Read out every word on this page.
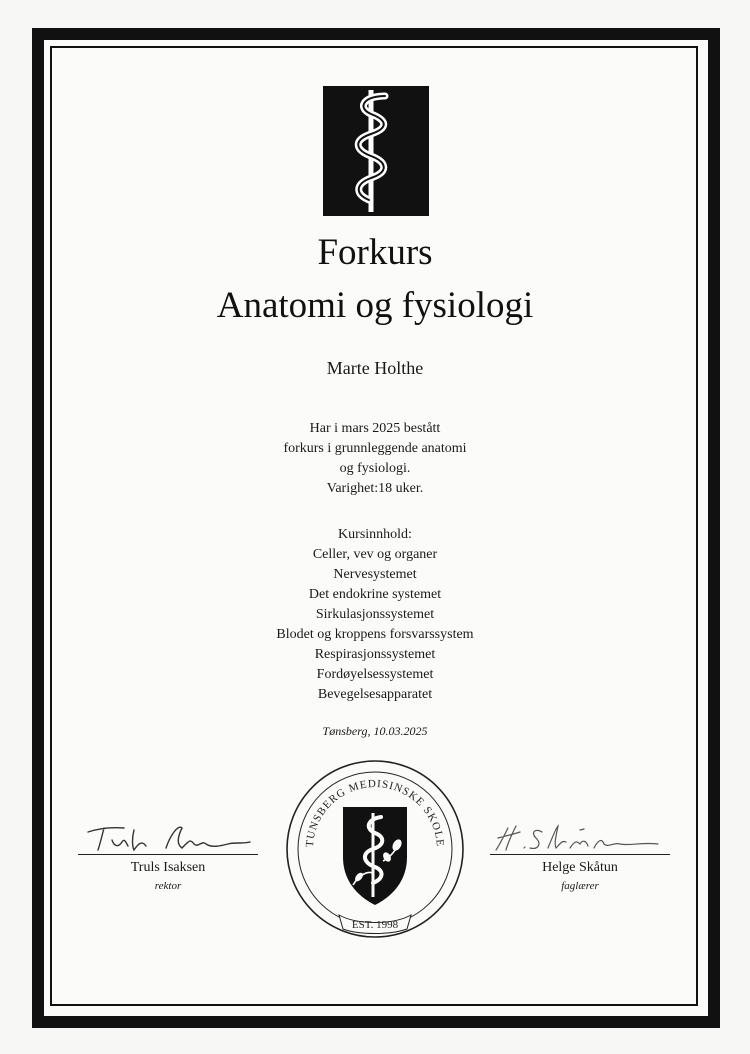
Forkurs
Anatomi og fysiologi
Marte Holthe
Har i mars 2025 bestått
forkurs i grunnleggende anatomi
og fysiologi.
Varighet:18 uker.
Kursinnhold:
Celler, vev og organer
Nervesystemet
Det endokrine systemet
Sirkulasjonssystemet
Blodet og kroppens forsvarssystem
Respirasjonssystemet
Fordøyelsessystemet
Bevegelsesapparatet
Tønsberg, 10.03.2025
Truls Isaksen
rektor
Helge Skåtun
faglærer
TUNSBERG MEDISINSKE SKOLE
EST. 1998
